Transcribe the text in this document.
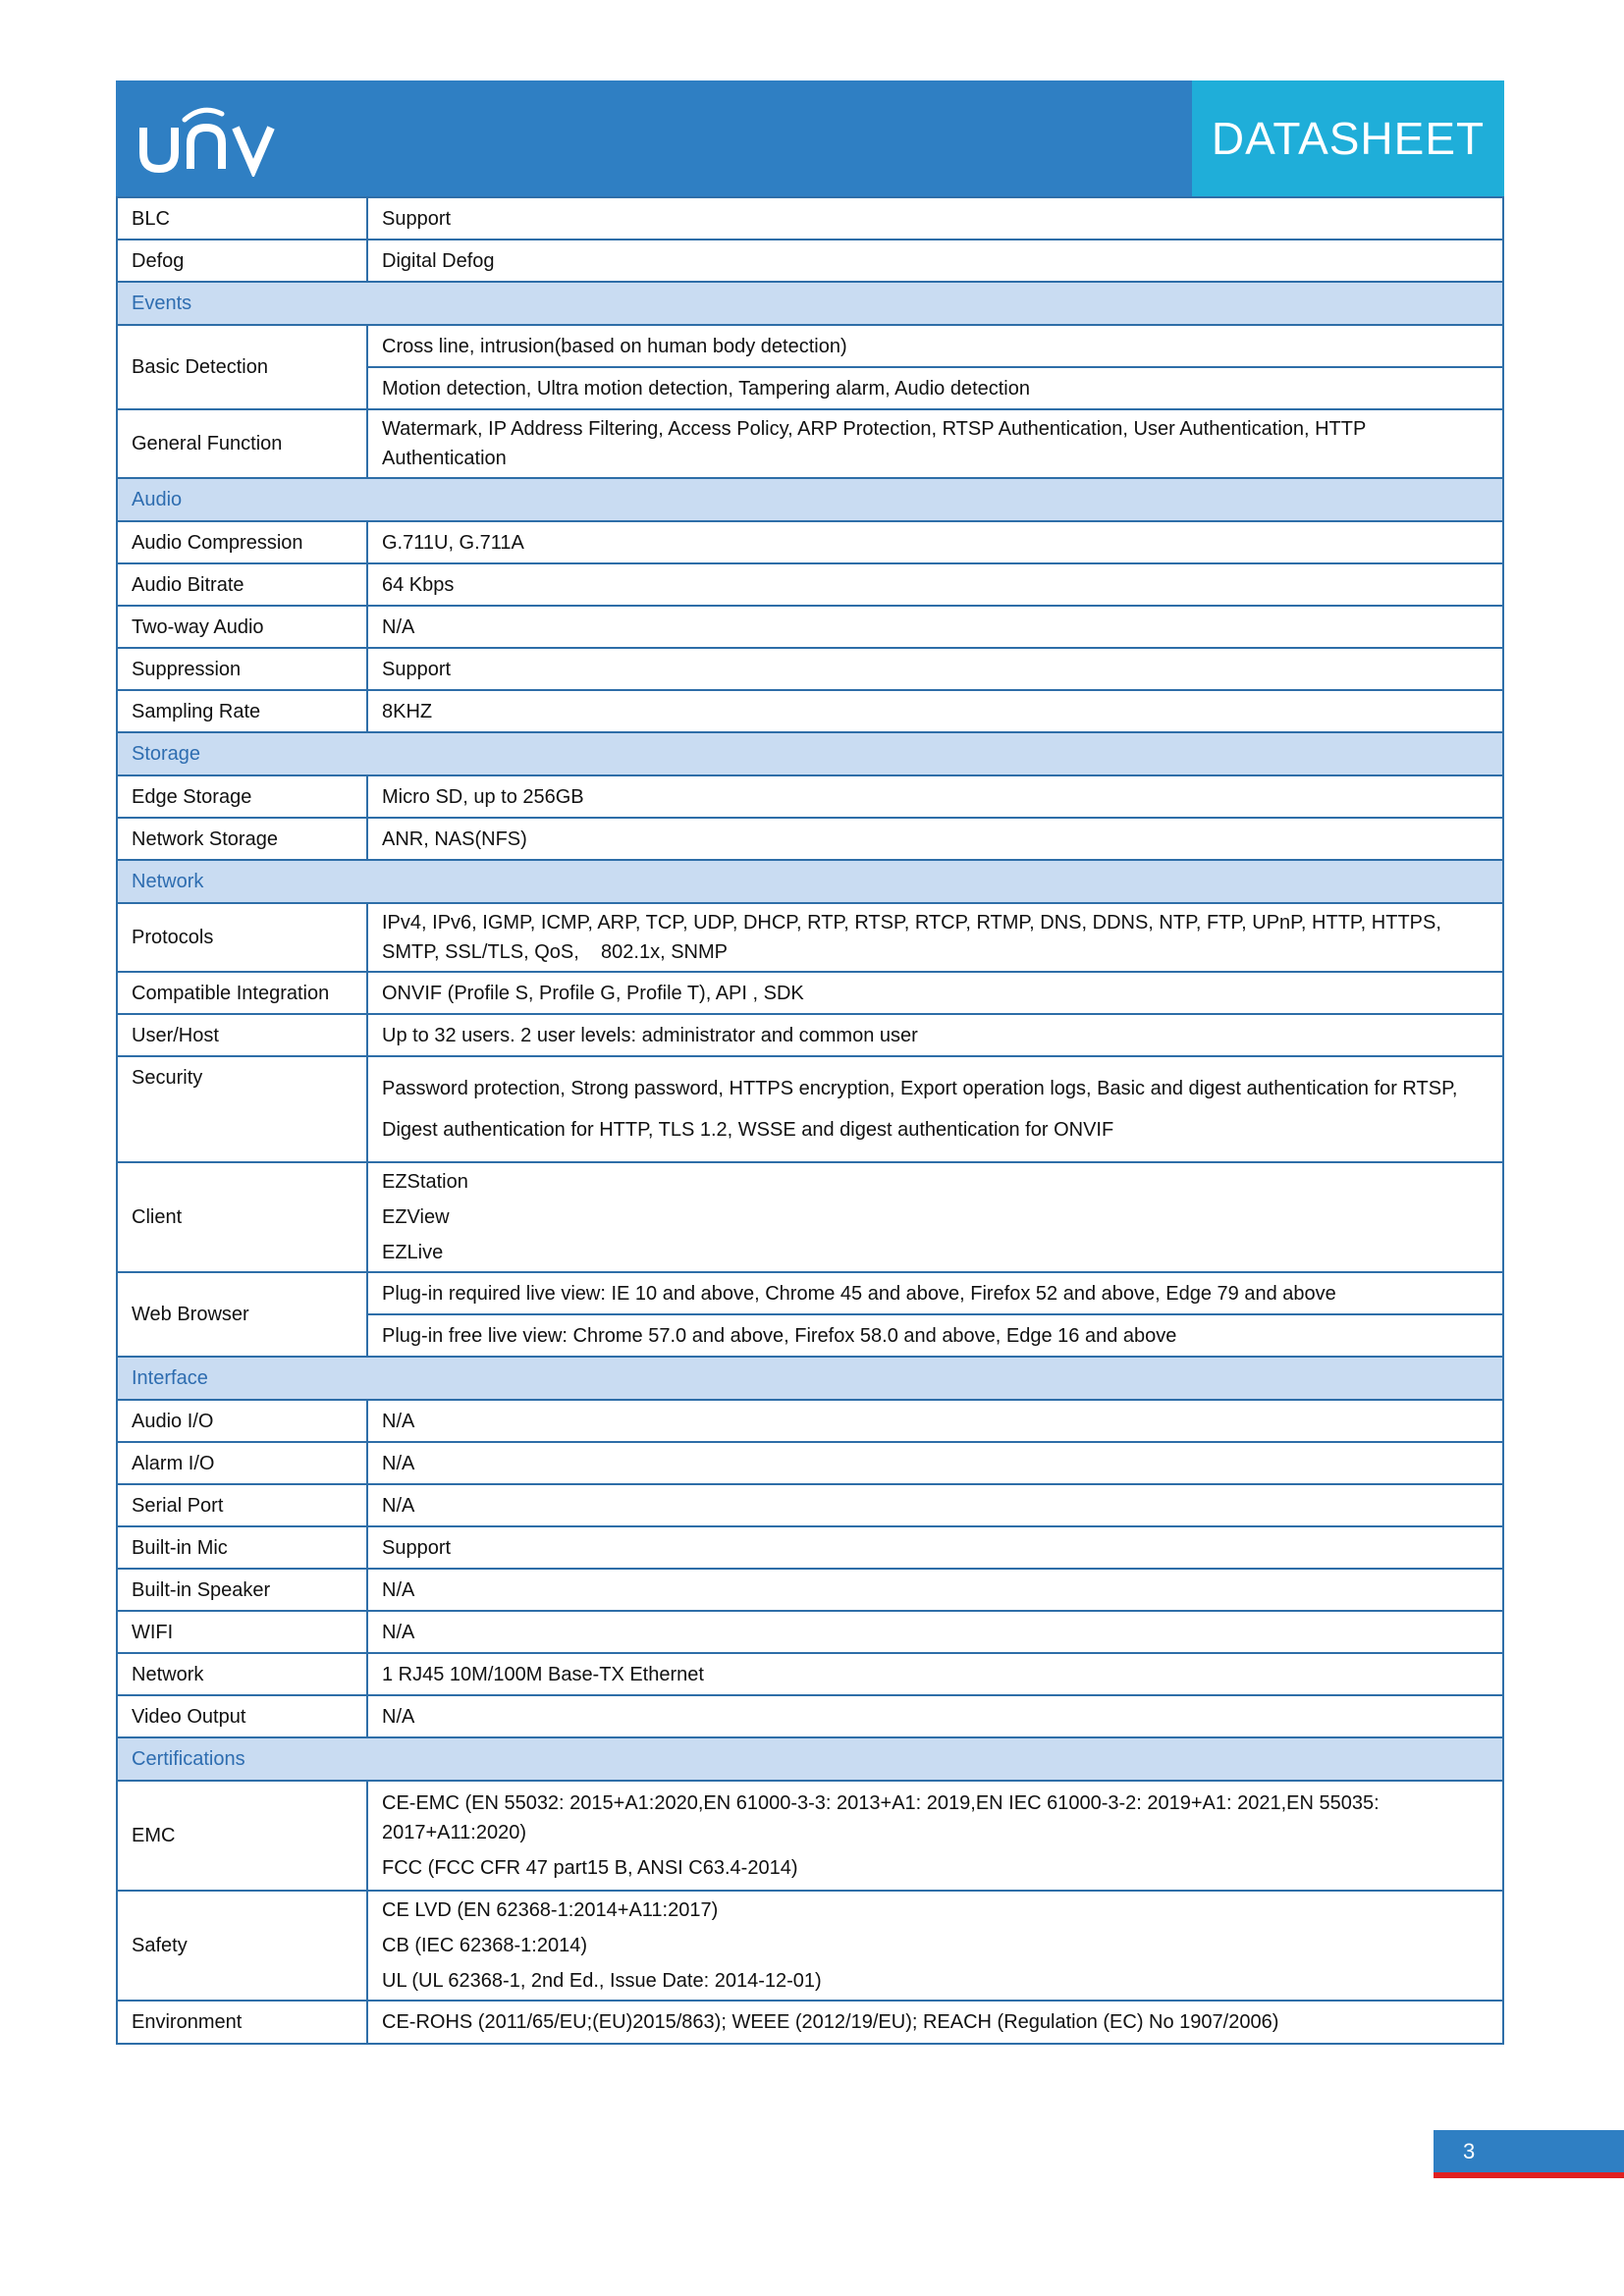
DATASHEET
BLC	Support
Defog	Digital Defog
Events	
Basic Detection	Cross line, intrusion(based on human body detection)
	Motion detection, Ultra motion detection, Tampering alarm, Audio detection
General Function	Watermark, IP Address Filtering, Access Policy, ARP Protection, RTSP Authentication, User Authentication, HTTP Authentication
Audio	
Audio Compression	G.711U, G.711A
Audio Bitrate	64 Kbps
Two-way Audio	N/A
Suppression	Support
Sampling Rate	8KHZ
Storage	
Edge Storage	Micro SD, up to 256GB
Network Storage	ANR, NAS(NFS)
Network	
Protocols	IPv4, IPv6, IGMP, ICMP, ARP, TCP, UDP, DHCP, RTP, RTSP, RTCP, RTMP, DNS, DDNS, NTP, FTP, UPnP, HTTP, HTTPS, SMTP, SSL/TLS, QoS,    802.1x, SNMP
Compatible Integration	ONVIF (Profile S, Profile G, Profile T), API , SDK
User/Host	Up to 32 users. 2 user levels: administrator and common user
Security	Password protection, Strong password, HTTPS encryption, Export operation logs, Basic and digest authentication for RTSP,
Digest authentication for HTTP, TLS 1.2, WSSE and digest authentication for ONVIF

Client	EZStation
EZView
EZLive

Web Browser	Plug-in required live view: IE 10 and above, Chrome 45 and above, Firefox 52 and above, Edge 79 and above
	Plug-in free live view: Chrome 57.0 and above, Firefox 58.0 and above, Edge 16 and above
Interface	
Audio I/O	N/A
Alarm I/O	N/A
Serial Port	N/A
Built-in Mic	Support
Built-in Speaker	N/A
WIFI	N/A
Network	1 RJ45 10M/100M Base-TX Ethernet
Video Output	N/A
Certifications	
EMC	CE-EMC (EN 55032: 2015+A1:2020,EN 61000-3-3: 2013+A1: 2019,EN IEC 61000-3-2: 2019+A1: 2021,EN 55035: 2017+A11:2020)
FCC (FCC CFR 47 part15 B, ANSI C63.4-2014)

Safety	CE LVD (EN 62368-1:2014+A11:2017)
CB (IEC 62368-1:2014)
UL (UL 62368-1, 2nd Ed., Issue Date: 2014-12-01)

Environment	CE-ROHS (2011/65/EU;(EU)2015/863); WEEE (2012/19/EU); REACH (Regulation (EC) No 1907/2006)
3
